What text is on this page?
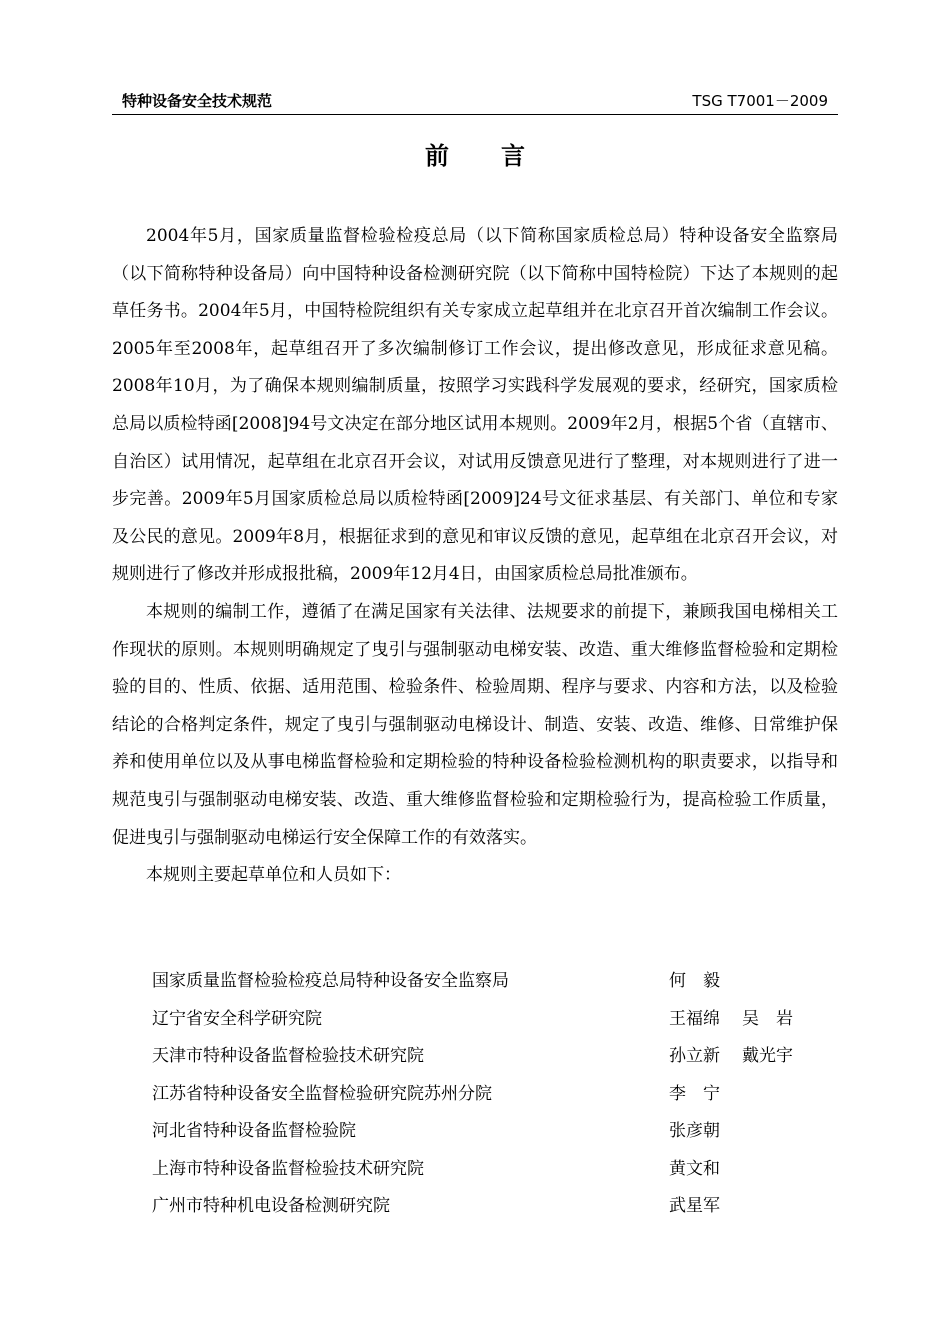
特种设备安全技术规范	TSG T7001－2009
前言

2004年5月，国家质量监督检验检疫总局（以下简称国家质检总局）特种设备安全监察局（以下简称特种设备局）向中国特种设备检测研究院（以下简称中国特检院）下达了本规则的起草任务书。2004年5月，中国特检院组织有关专家成立起草组并在北京召开首次编制工作会议。2005年至2008年，起草组召开了多次编制修订工作会议，提出修改意见，形成征求意见稿。2008年10月，为了确保本规则编制质量，按照学习实践科学发展观的要求，经研究，国家质检总局以质检特函[2008]94号文决定在部分地区试用本规则。2009年2月，根据5个省（直辖市、自治区）试用情况，起草组在北京召开会议，对试用反馈意见进行了整理，对本规则进行了进一步完善。2009年5月国家质检总局以质检特函[2009]24号文征求基层、有关部门、单位和专家及公民的意见。2009年8月，根据征求到的意见和审议反馈的意见，起草组在北京召开会议，对规则进行了修改并形成报批稿，2009年12月4日，由国家质检总局批准颁布。

本规则的编制工作，遵循了在满足国家有关法律、法规要求的前提下，兼顾我国电梯相关工作现状的原则。本规则明确规定了曳引与强制驱动电梯安装、改造、重大维修监督检验和定期检验的目的、性质、依据、适用范围、检验条件、检验周期、程序与要求、内容和方法，以及检验结论的合格判定条件，规定了曳引与强制驱动电梯设计、制造、安装、改造、维修、日常维护保养和使用单位以及从事电梯监督检验和定期检验的特种设备检验检测机构的职责要求，以指导和规范曳引与强制驱动电梯安装、改造、重大维修监督检验和定期检验行为，提高检验工作质量，促进曳引与强制驱动电梯运行安全保障工作的有效落实。

本规则主要起草单位和人员如下：

国家质量监督检验检疫总局特种设备安全监察局	何　毅
辽宁省安全科学研究院	王福绵 吴　岩
天津市特种设备监督检验技术研究院	孙立新 戴光宇
江苏省特种设备安全监督检验研究院苏州分院	李　宁
河北省特种设备监督检验院	张彦朝
上海市特种设备监督检验技术研究院	黄文和
广州市特种机电设备检测研究院	武星军
